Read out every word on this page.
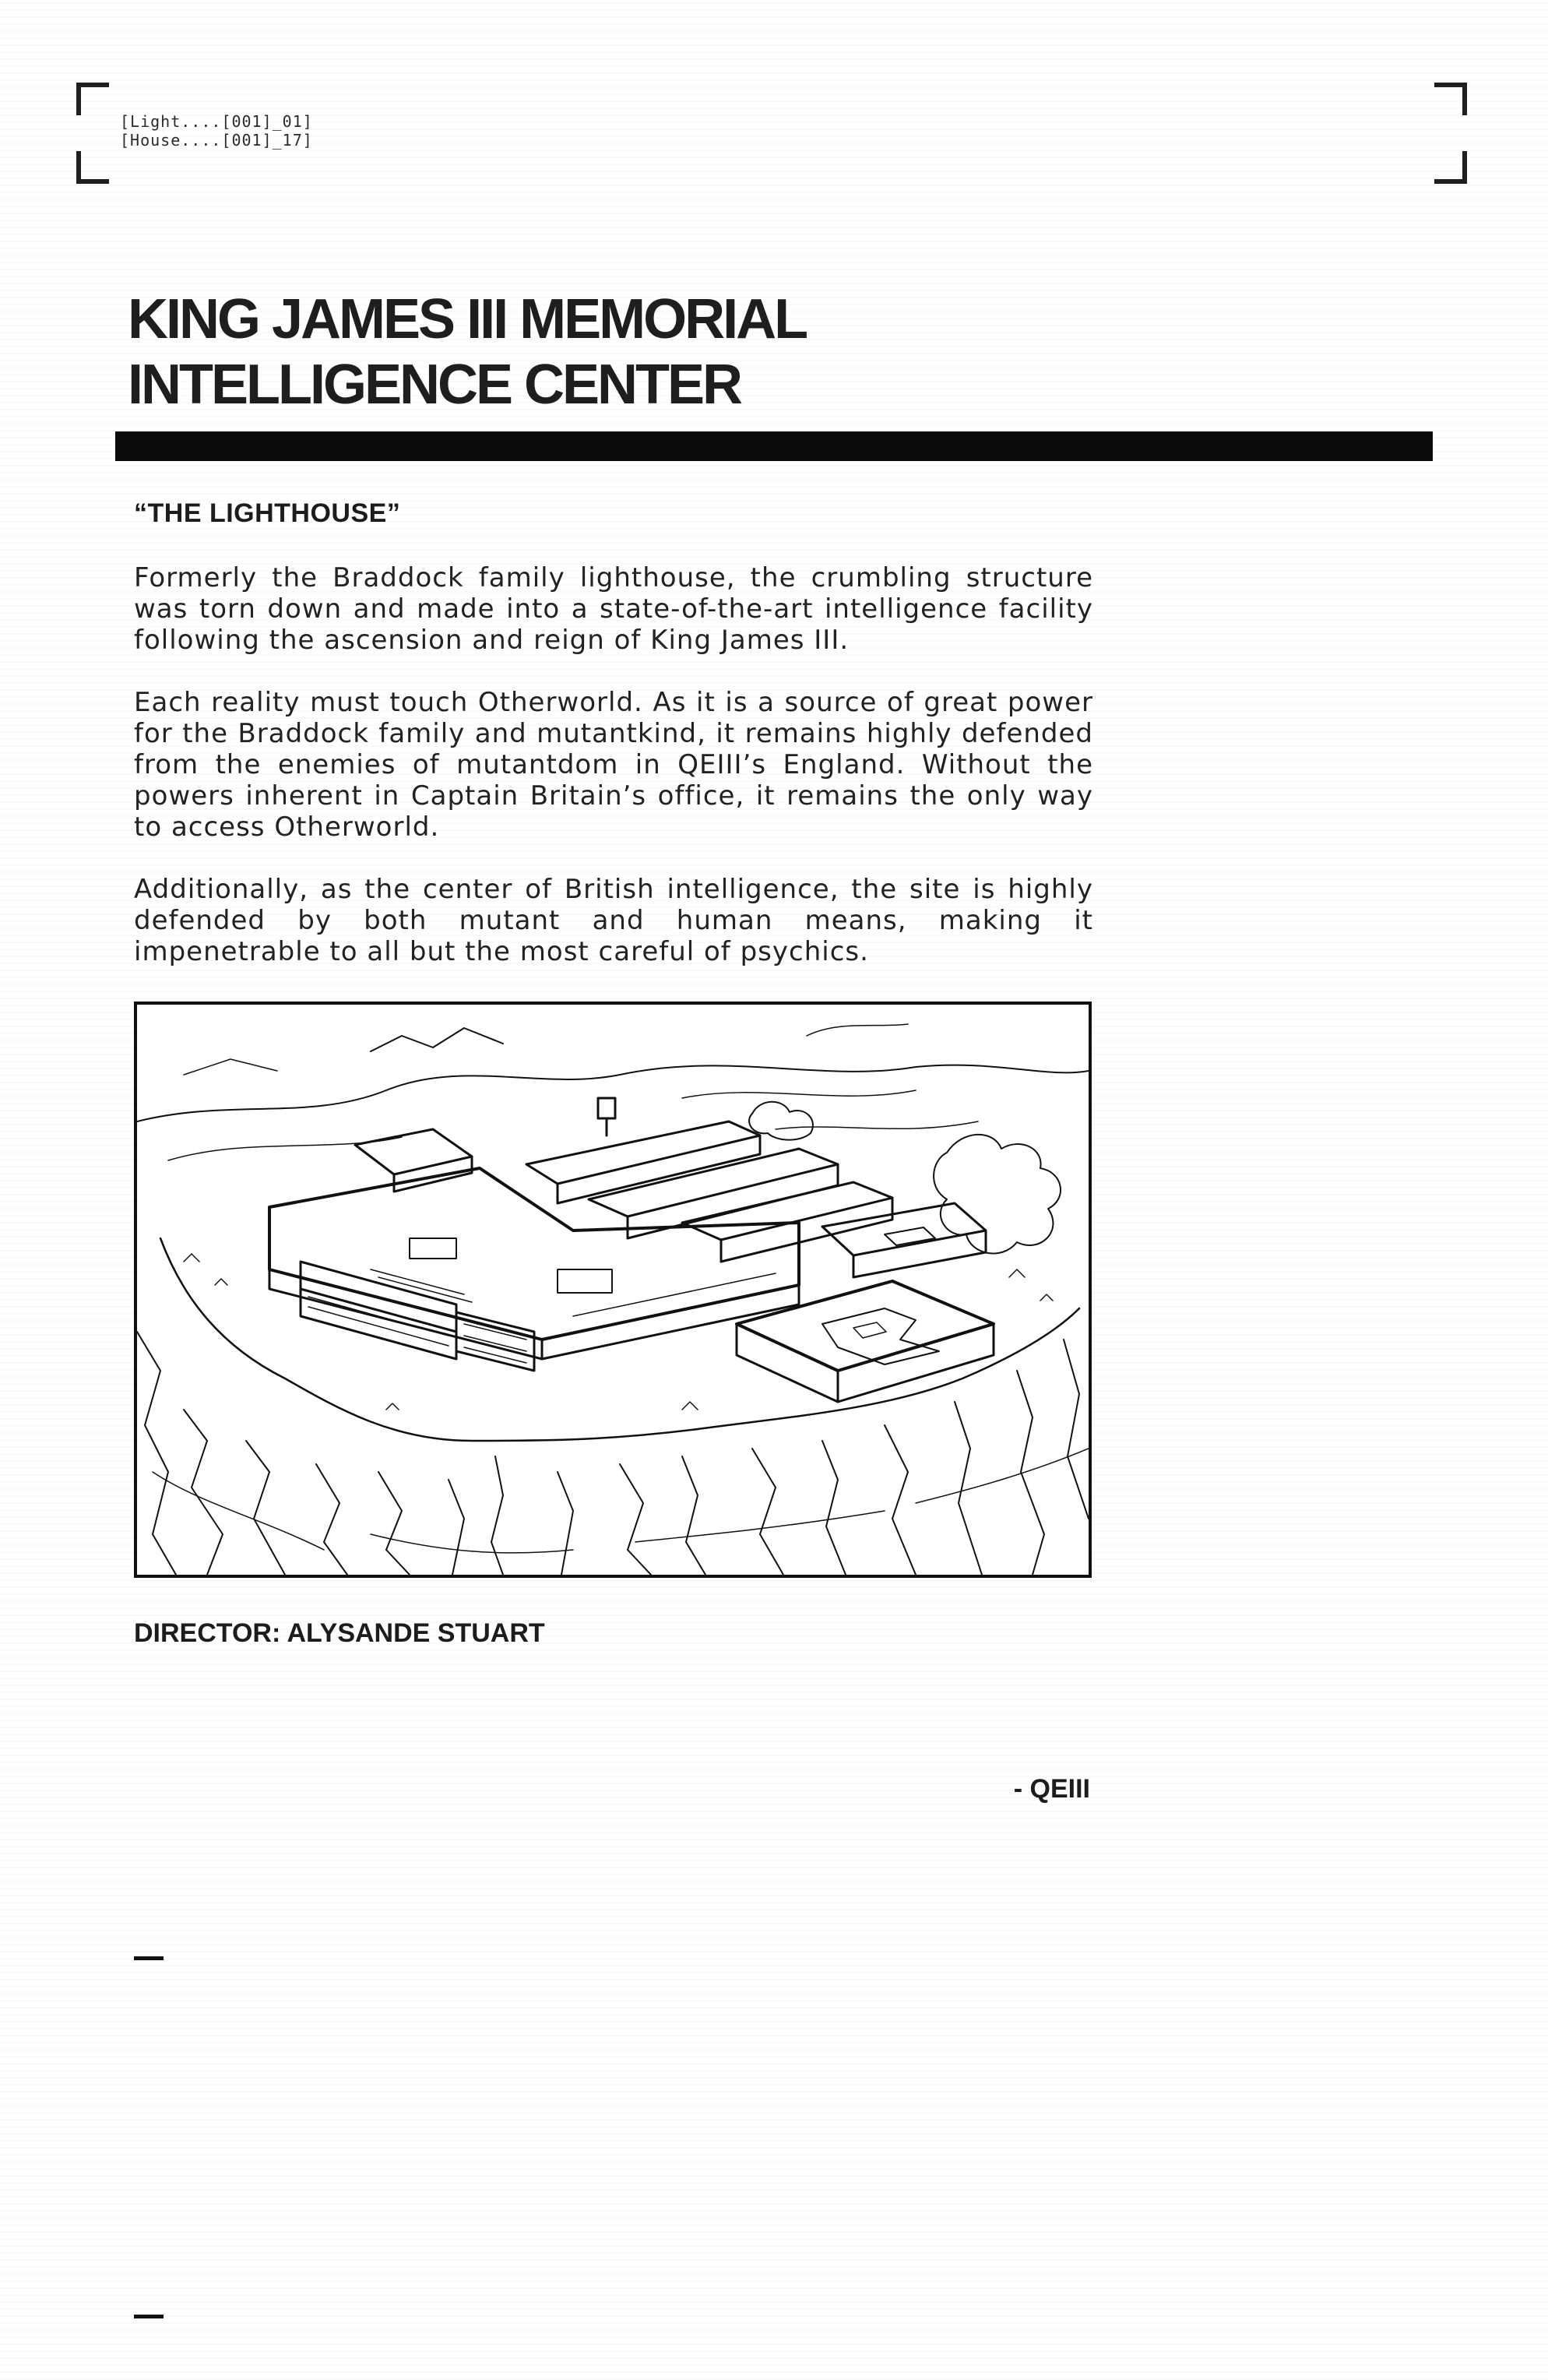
[Light....[001]_01]
[House....[001]_17]
KING JAMES III MEMORIAL
INTELLIGENCE CENTER
“THE LIGHTHOUSE”

Formerly the Braddock family lighthouse, the crumbling structure was torn down and made into a state-of-the-art intelligence facility following the ascension and reign of King James III.

Each reality must touch Otherworld. As it is a source of great power for the Braddock family and mutantkind, it remains highly defended from the enemies of mutantdom in QEIII’s England. Without the powers inherent in Captain Britain’s office, it remains the only way to access Otherworld.

Additionally, as the center of British intelligence, the site is highly defended by both mutant and human means, making it impenetrable to all but the most careful of psychics.

DIRECTOR: ALYSANDE STUART

- QEIII
